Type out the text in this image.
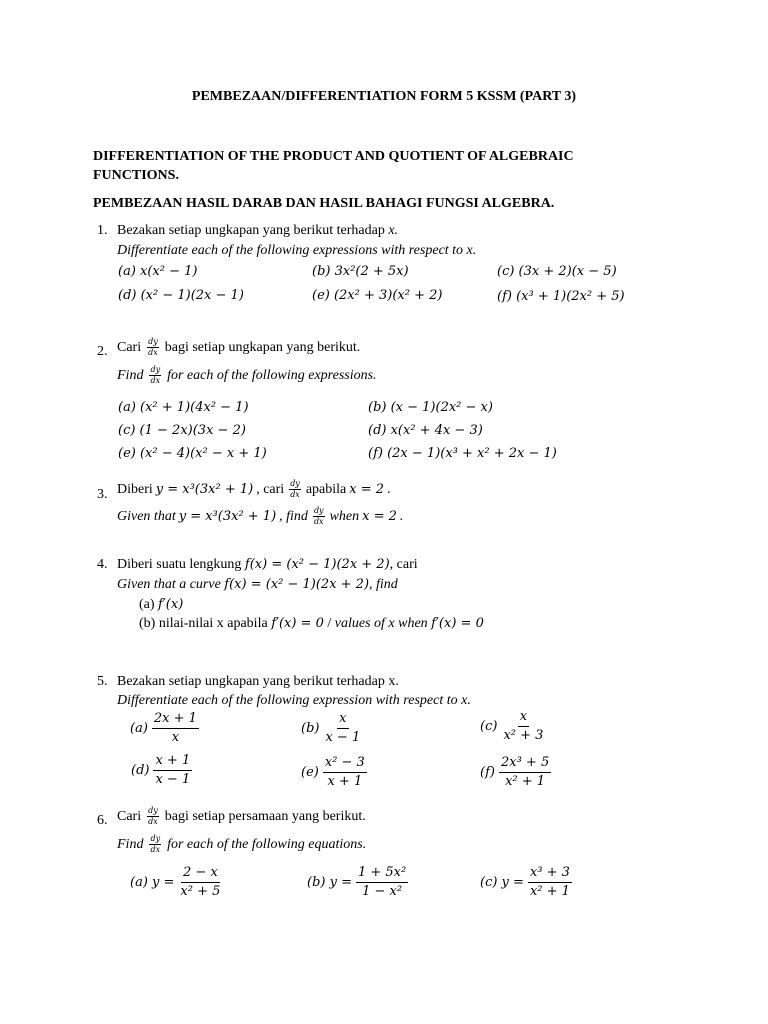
PEMBEZAAN/DIFFERENTIATION FORM 5 KSSM (PART 3)
DIFFERENTIATION OF THE PRODUCT AND QUOTIENT OF ALGEBRAIC FUNCTIONS.
PEMBEZAAN HASIL DARAB DAN HASIL BAHAGI FUNGSI ALGEBRA.
1. Bezakan setiap ungkapan yang berikut terhadap x.
Differentiate each of the following expressions with respect to x.
(a) x(x² − 1)	(b) 3x²(2 + 5x)	(c) (3x + 2)(x − 5)
(d) (x² − 1)(2x − 1)	(e) (2x² + 3)(x² + 2)	(f) (x³ + 1)(2x² + 5)
2. Cari $\frac{dy}{dx}$ bagi setiap ungkapan yang berikut.
Find $\frac{dy}{dx}$ for each of the following expressions.
(a) (x² + 1)(4x² − 1)	(b) (x − 1)(2x² − x)
(c) (1 − 2x)(3x − 2)	(d) x(x² + 4x − 3)
(e) (x² − 4)(x² − x + 1)	(f) (2x − 1)(x³ + x² + 2x − 1)
3. Diberi y = x³(3x² + 1) , cari $\frac{dy}{dx}$ apabila x = 2 .
Given that y = x³(3x² + 1) , find $\frac{dy}{dx}$ when x = 2 .
4. Diberi suatu lengkung f(x) = (x² − 1)(2x + 2), cari
Given that a curve f(x) = (x² − 1)(2x + 2), find
(a) f′(x)
(b) nilai-nilai x apabila f′(x) = 0 / values of x when f′(x) = 0
5. Bezakan setiap ungkapan yang berikut terhadap x.
Differentiate each of the following expression with respect to x.
$(a) \frac{2x + 1}{x}$	$(b) \frac{x}{x - 1}$	$(c) \frac{x}{\text{x² + 3}}$
$(d) \frac{x + 1}{x - 1}$	$(e) \frac{\text{x² − 3}}{x + 1}$	$(f) \frac{\text{2x³ + 5}}{\text{x² + 1}}$
6. Cari $\frac{dy}{dx}$ bagi setiap persamaan yang berikut.
Find $\frac{dy}{dx}$ for each of the following equations.
(a) $y = \frac{2 - x}{\text{x² + 5}}$	(b) $y = \frac{\text{1 + 5x²}}{\text{1 − x²}}$	(c) $y = \frac{\text{x³ + 3}}{\text{x² + 1}}$
